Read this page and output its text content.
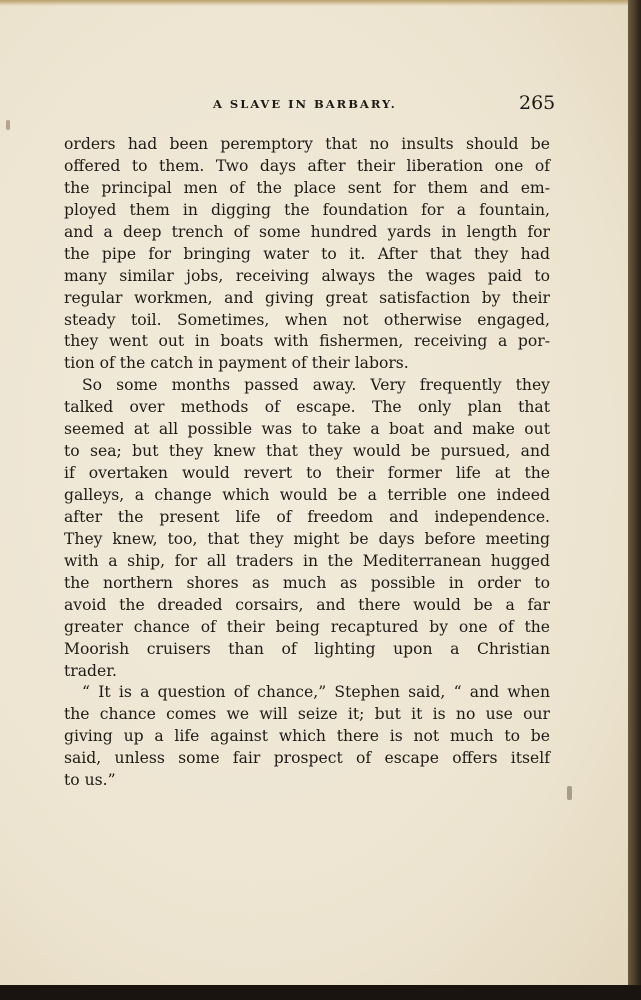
A SLAVE IN BARBARY.	265
orders had been peremptory that no insults should be
offered to them. Two days after their liberation one of
the principal men of the place sent for them and em-
ployed them in digging the foundation for a fountain,
and a deep trench of some hundred yards in length for
the pipe for bringing water to it. After that they had
many similar jobs, receiving always the wages paid to
regular workmen, and giving great satisfaction by their
steady toil. Sometimes, when not otherwise engaged,
they went out in boats with fishermen, receiving a por-
tion of the catch in payment of their labors.
So some months passed away. Very frequently they
talked over methods of escape. The only plan that
seemed at all possible was to take a boat and make out
to sea; but they knew that they would be pursued, and
if overtaken would revert to their former life at the
galleys, a change which would be a terrible one indeed
after the present life of freedom and independence.
They knew, too, that they might be days before meeting
with a ship, for all traders in the Mediterranean hugged
the northern shores as much as possible in order to
avoid the dreaded corsairs, and there would be a far
greater chance of their being recaptured by one of the
Moorish cruisers than of lighting upon a Christian
trader.
“ It is a question of chance,” Stephen said, “ and when
the chance comes we will seize it; but it is no use our
giving up a life against which there is not much to be
said, unless some fair prospect of escape offers itself
to us.”
